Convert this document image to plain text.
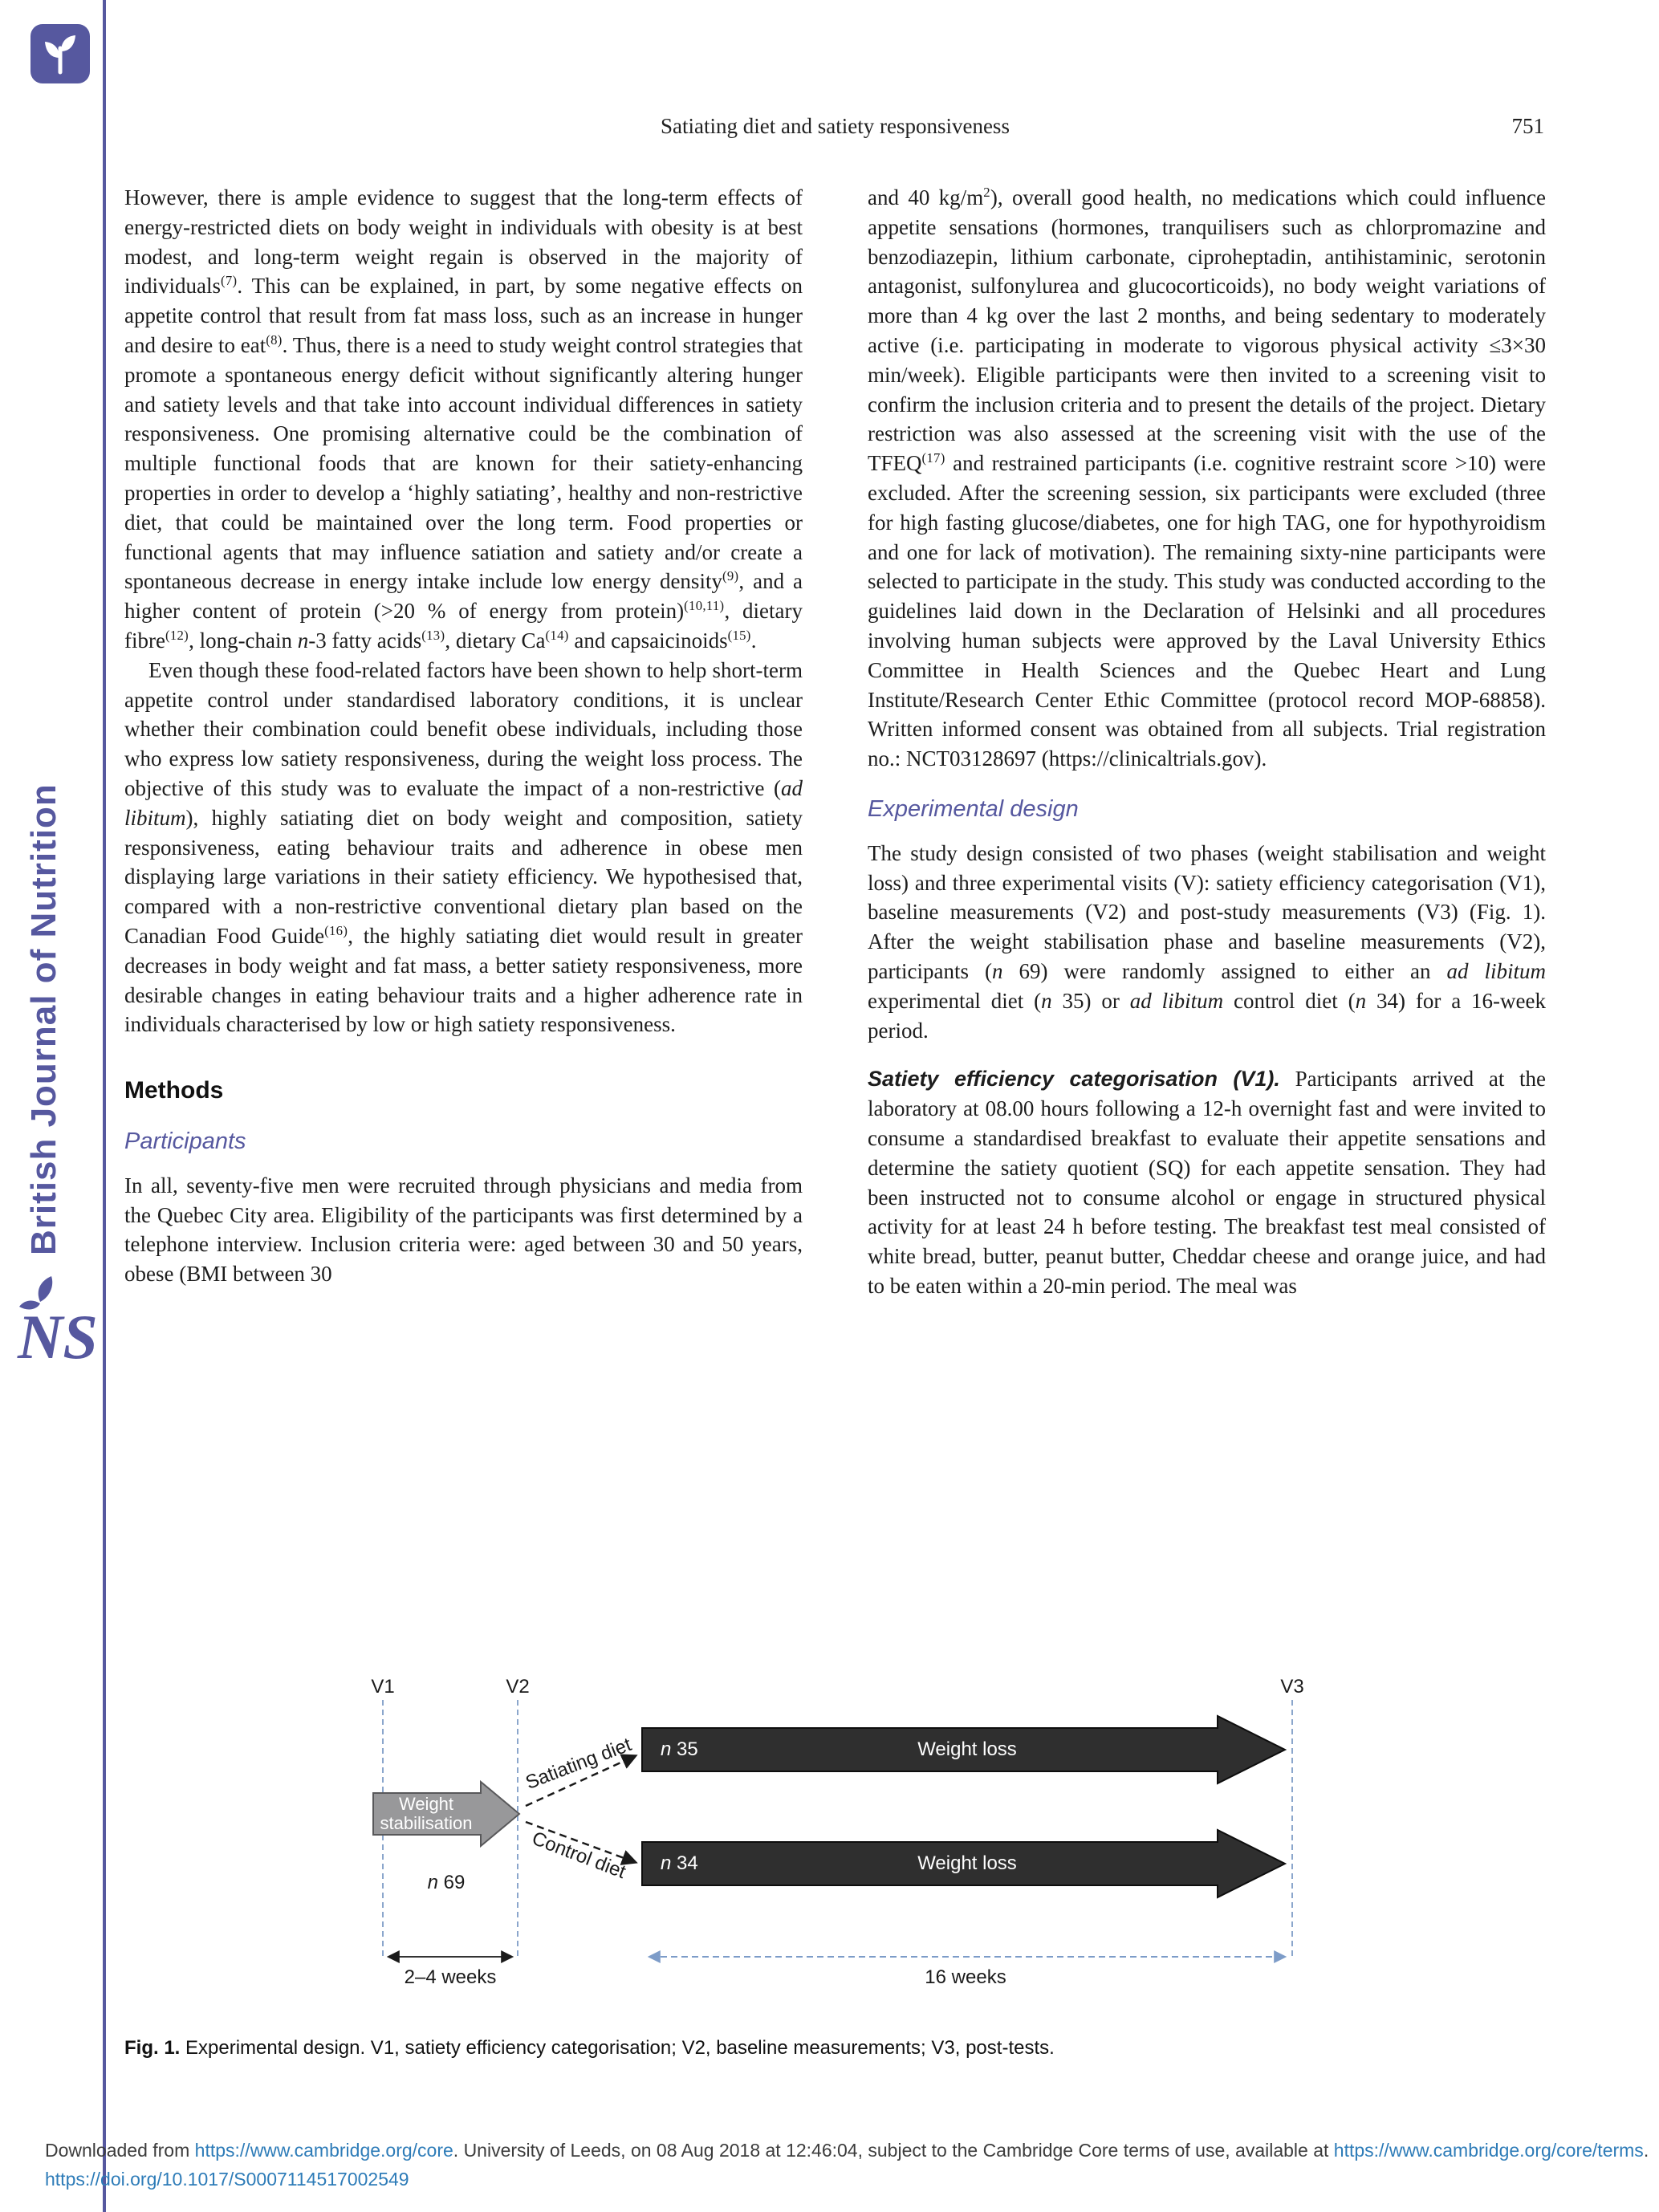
British Journal of Nutrition
NS
Satiating diet and satiety responsiveness	751

However, there is ample evidence to suggest that the long-term effects of energy-restricted diets on body weight in individuals with obesity is at best modest, and long-term weight regain is observed in the majority of individuals$^{(7)}$. This can be explained, in part, by some negative effects on appetite control that result from fat mass loss, such as an increase in hunger and desire to eat$^{(8)}$. Thus, there is a need to study weight control strategies that promote a spontaneous energy deficit without significantly altering hunger and satiety levels and that take into account individual differences in satiety responsiveness. One promising alternative could be the combination of multiple functional foods that are known for their satiety-enhancing properties in order to develop a ‘highly satiating’, healthy and non-restrictive diet, that could be maintained over the long term. Food properties or functional agents that may influence satiation and satiety and/or create a spontaneous decrease in energy intake include low energy density$^{(9)}$, and a higher content of protein (>20 % of energy from protein)$^{(10,11)}$, dietary fibre$^{(12)}$, long-chain n-3 fatty acids$^{(13)}$, dietary Ca$^{(14)}$ and capsaicinoids$^{(15)}$.

Even though these food-related factors have been shown to help short-term appetite control under standardised laboratory conditions, it is unclear whether their combination could benefit obese individuals, including those who express low satiety responsiveness, during the weight loss process. The objective of this study was to evaluate the impact of a non-restrictive (ad libitum), highly satiating diet on body weight and composition, satiety responsiveness, eating behaviour traits and adherence in obese men displaying large variations in their satiety efficiency. We hypothesised that, compared with a non-restrictive conventional dietary plan based on the Canadian Food Guide$^{(16)}$, the highly satiating diet would result in greater decreases in body weight and fat mass, a better satiety responsiveness, more desirable changes in eating behaviour traits and a higher adherence rate in individuals characterised by low or high satiety responsiveness.

Methods
Participants

In all, seventy-five men were recruited through physicians and media from the Quebec City area. Eligibility of the participants was first determined by a telephone interview. Inclusion criteria were: aged between 30 and 50 years, obese (BMI between 30

and 40 $kg/m^2$), overall good health, no medications which could influence appetite sensations (hormones, tranquilisers such as chlorpromazine and benzodiazepin, lithium carbonate, ciproheptadin, antihistaminic, serotonin antagonist, sulfonylurea and glucocorticoids), no body weight variations of more than 4 kg over the last 2 months, and being sedentary to moderately active (i.e. participating in moderate to vigorous physical activity ≤3×30 min/week). Eligible participants were then invited to a screening visit to confirm the inclusion criteria and to present the details of the project. Dietary restriction was also assessed at the screening visit with the use of the TFEQ$^{(17)}$ and restrained participants (i.e. cognitive restraint score >10) were excluded. After the screening session, six participants were excluded (three for high fasting glucose/diabetes, one for high TAG, one for hypothyroidism and one for lack of motivation). The remaining sixty-nine participants were selected to participate in the study. This study was conducted according to the guidelines laid down in the Declaration of Helsinki and all procedures involving human subjects were approved by the Laval University Ethics Committee in Health Sciences and the Quebec Heart and Lung Institute/Research Center Ethic Committee (protocol record MOP-68858). Written informed consent was obtained from all subjects. Trial registration no.: NCT03128697 (https://clinicaltrials.gov).

Experimental design

The study design consisted of two phases (weight stabilisation and weight loss) and three experimental visits (V): satiety efficiency categorisation (V1), baseline measurements (V2) and post-study measurements (V3) (Fig. 1). After the weight stabilisation phase and baseline measurements (V2), participants (n 69) were randomly assigned to either an ad libitum experimental diet (n 35) or ad libitum control diet (n 34) for a 16-week period.

Satiety efficiency categorisation (V1). Participants arrived at the laboratory at 08.00 hours following a 12-h overnight fast and were invited to consume a standardised breakfast to evaluate their appetite sensations and determine the satiety quotient (SQ) for each appetite sensation. They had been instructed not to consume alcohol or engage in structured physical activity for at least 24 h before testing. The breakfast test meal consisted of white bread, butter, peanut butter, Cheddar cheese and orange juice, and had to be eaten within a 20-min period. The meal was

V1	V2	V3
Weight stabilisation
n 69
Satiating diet
Control diet
n 35	Weight loss
n 34	Weight loss
2–4 weeks	16 weeks
Fig. 1. Experimental design. V1, satiety efficiency categorisation; V2, baseline measurements; V3, post-tests.
Downloaded from https://www.cambridge.org/core. University of Leeds, on 08 Aug 2018 at 12:46:04, subject to the Cambridge Core terms of use, available at https://www.cambridge.org/core/terms.
https://doi.org/10.1017/S0007114517002549
